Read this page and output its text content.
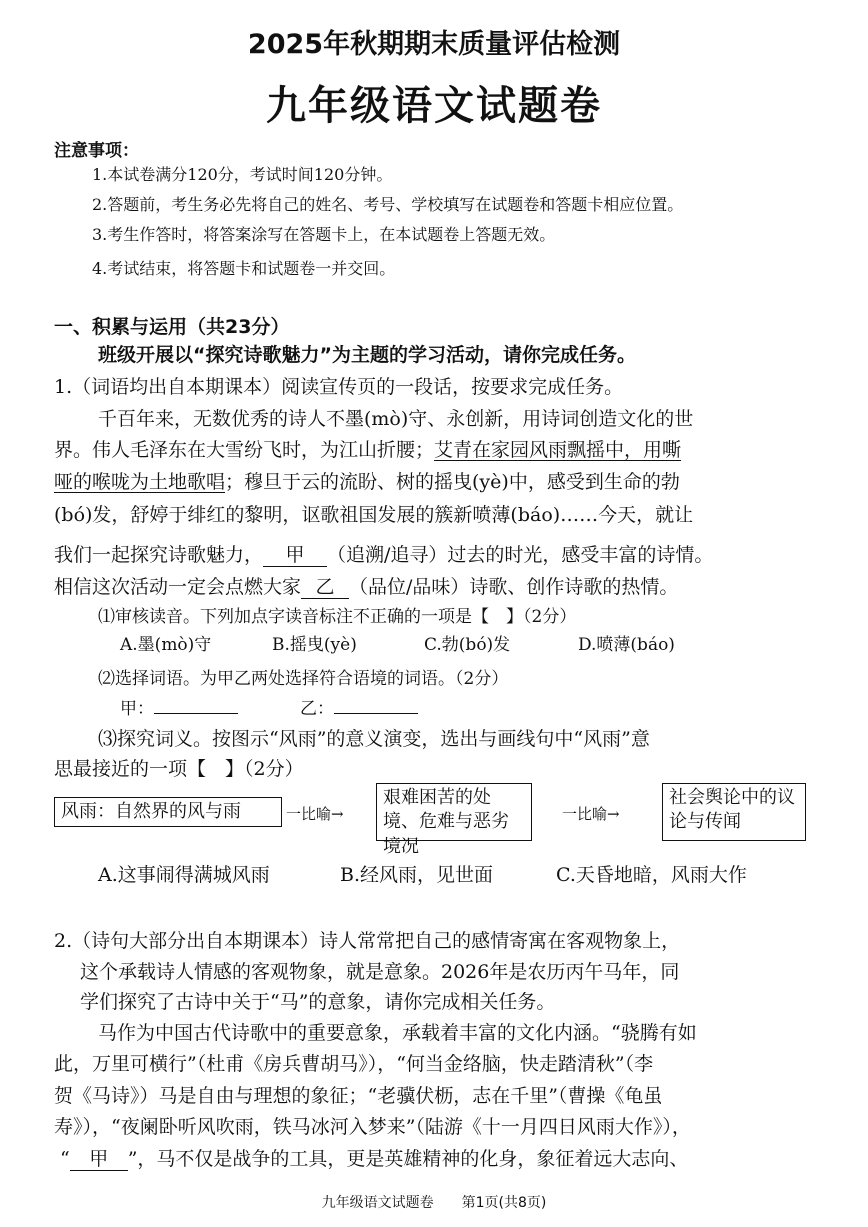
2025年秋期期末质量评估检测
九年级语文试题卷
注意事项：
1.本试卷满分120分，考试时间120分钟。
2.答题前，考生务必先将自己的姓名、考号、学校填写在试题卷和答题卡相应位置。
3.考生作答时，将答案涂写在答题卡上，在本试题卷上答题无效。
4.考试结束，将答题卡和试题卷一并交回。
一、积累与运用（共23分）
班级开展以“探究诗歌魅力”为主题的学习活动，请你完成任务。
1.（词语均出自本期课本）阅读宣传页的一段话，按要求完成任务。
千百年来，无数优秀的诗人不墨(mò)守、永创新，用诗词创造文化的世
界。伟人毛泽东在大雪纷飞时，为江山折腰；艾青在家园风雨飘摇中，用嘶
哑的喉咙为土地歌唱；穆旦于云的流盼、树的摇曳(yè)中，感受到生命的勃
(bó)发，舒婷于绯红的黎明，讴歌祖国发展的簇新喷薄(báo)……今天，就让
我们一起探究诗歌魅力， 甲 （追溯/追寻）过去的时光，感受丰富的诗情。
相信这次活动一定会点燃大家 乙 （品位/品味）诗歌、创作诗歌的热情。
⑴审核读音。下列加点字读音标注不正确的一项是【　】（2分）
A.墨(mò)守	B.摇曳(yè)	C.勃(bó)发	D.喷薄(báo)
⑵选择词语。为甲乙两处选择符合语境的词语。（2分）
甲：	乙：
⑶探究词义。按图示“风雨”的意义演变，选出与画线句中“风雨”意
思最接近的一项【　】（2分）
风雨：自然界的风与雨	一比喻→
艰难困苦的处境、危难与恶劣境况
一比喻→
社会舆论中的议论与传闻
A.这事闹得满城风雨	B.经风雨，见世面	C.天昏地暗，风雨大作
2.（诗句大部分出自本期课本）诗人常常把自己的感情寄寓在客观物象上，
这个承载诗人情感的客观物象，就是意象。2026年是农历丙午马年，同
学们探究了古诗中关于“马”的意象，请你完成相关任务。
马作为中国古代诗歌中的重要意象，承载着丰富的文化内涵。“骁腾有如
此，万里可横行”（杜甫《房兵曹胡马》），“何当金络脑，快走踏清秋”（李
贺《马诗》）马是自由与理想的象征；“老骥伏枥，志在千里”（曹操《龟虽
寿》），“夜阑卧听风吹雨，铁马冰河入梦来”（陆游《十一月四日风雨大作》），
“ 甲 ”，马不仅是战争的工具，更是英雄精神的化身，象征着远大志向、
九年级语文试题卷　　第1页(共8页)
